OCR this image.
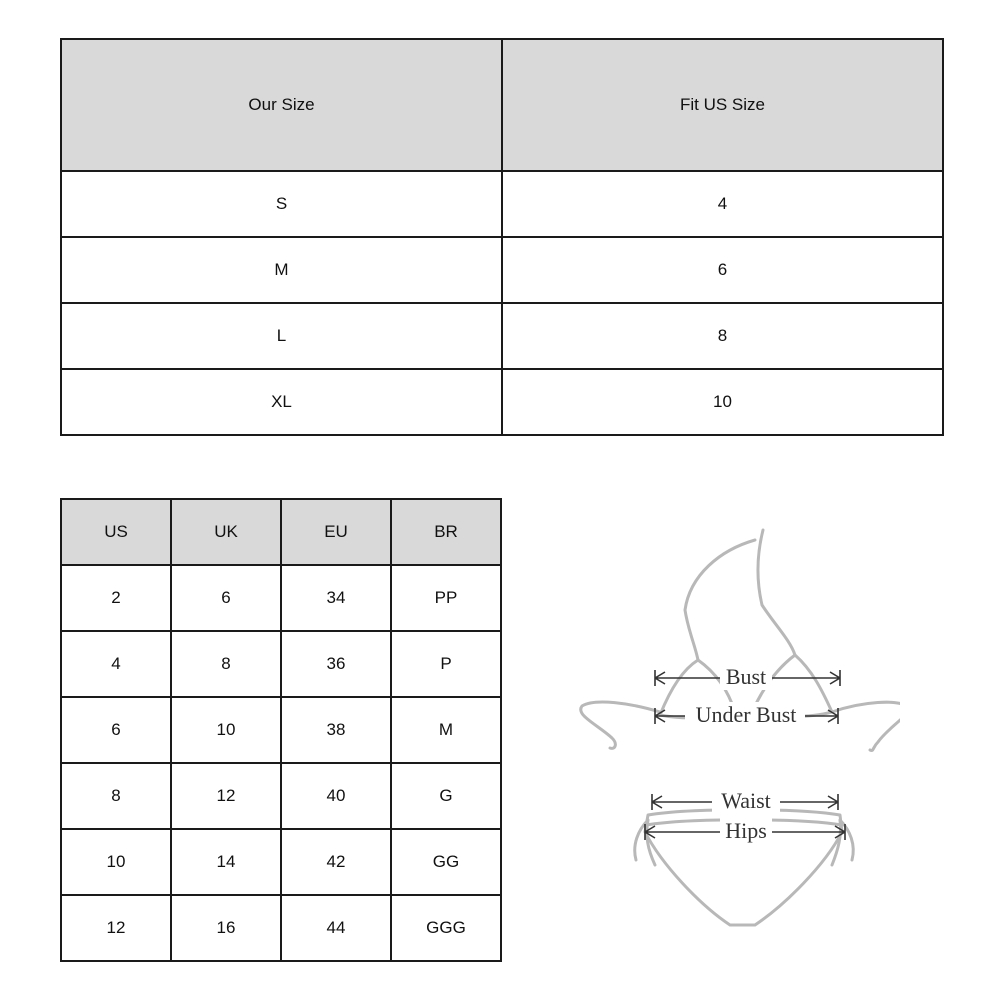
Our Size	Fit US Size
S	4
M	6
L	8
XL	10
US	UK	EU	BR
2	6	34	PP
4	8	36	P
6	10	38	M
8	12	40	G
10	14	42	GG
12	16	44	GGG
Bust
Under Bust
Waist
Hips
